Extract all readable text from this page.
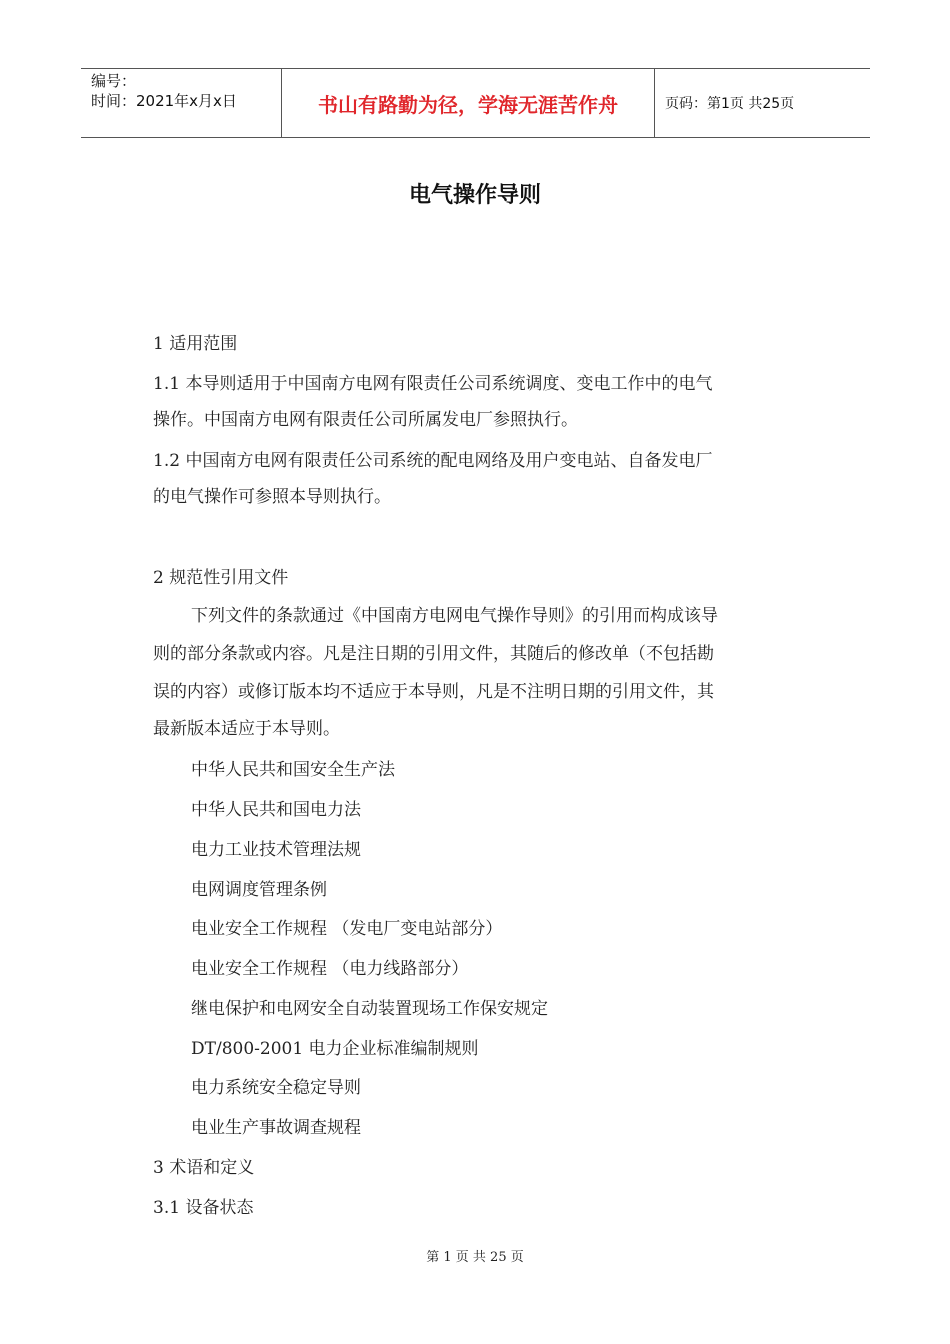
编号：
时间：2021年x月x日	书山有路勤为径，学海无涯苦作舟	页码：第1页 共25页
电气操作导则
1 适用范围
1.1 本导则适用于中国南方电网有限责任公司系统调度、变电工作中的电气
操作。中国南方电网有限责任公司所属发电厂参照执行。
1.2 中国南方电网有限责任公司系统的配电网络及用户变电站、自备发电厂
的电气操作可参照本导则执行。
2 规范性引用文件
下列文件的条款通过《中国南方电网电气操作导则》的引用而构成该导
则的部分条款或内容。凡是注日期的引用文件，其随后的修改单（不包括勘
误的内容）或修订版本均不适应于本导则，凡是不注明日期的引用文件，其
最新版本适应于本导则。
中华人民共和国安全生产法
中华人民共和国电力法
电力工业技术管理法规
电网调度管理条例
电业安全工作规程 （发电厂变电站部分）
电业安全工作规程 （电力线路部分）
继电保护和电网安全自动装置现场工作保安规定
DT/800-2001 电力企业标准编制规则
电力系统安全稳定导则
电业生产事故调查规程
3 术语和定义
3.1 设备状态
第 1 页 共 25 页
